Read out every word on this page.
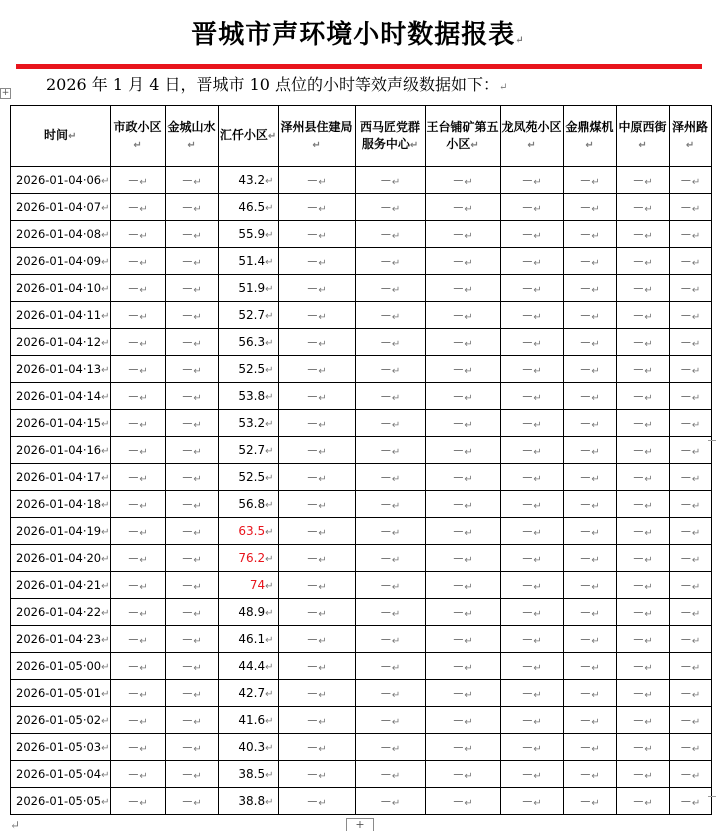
晋城市声环境小时数据报表↵
2026 年 1 月 4 日，晋城市 10 点位的小时等效声级数据如下：↵
+
时间↵	市政小区↵	金城山水↵	汇仟小区↵	泽州县住建局↵	西马匠党群服务中心↵	王台铺矿第五小区↵	龙凤苑小区↵	金鼎煤机↵	中原西街↵	泽州路↵
2026-01-04·06↵	－↵	－↵	43.2↵	－↵	－↵	－↵	－↵	－↵	－↵	－↵
2026-01-04·07↵	－↵	－↵	46.5↵	－↵	－↵	－↵	－↵	－↵	－↵	－↵
2026-01-04·08↵	－↵	－↵	55.9↵	－↵	－↵	－↵	－↵	－↵	－↵	－↵
2026-01-04·09↵	－↵	－↵	51.4↵	－↵	－↵	－↵	－↵	－↵	－↵	－↵
2026-01-04·10↵	－↵	－↵	51.9↵	－↵	－↵	－↵	－↵	－↵	－↵	－↵
2026-01-04·11↵	－↵	－↵	52.7↵	－↵	－↵	－↵	－↵	－↵	－↵	－↵
2026-01-04·12↵	－↵	－↵	56.3↵	－↵	－↵	－↵	－↵	－↵	－↵	－↵
2026-01-04·13↵	－↵	－↵	52.5↵	－↵	－↵	－↵	－↵	－↵	－↵	－↵
2026-01-04·14↵	－↵	－↵	53.8↵	－↵	－↵	－↵	－↵	－↵	－↵	－↵
2026-01-04·15↵	－↵	－↵	53.2↵	－↵	－↵	－↵	－↵	－↵	－↵	－↵
2026-01-04·16↵	－↵	－↵	52.7↵	－↵	－↵	－↵	－↵	－↵	－↵	－↵
2026-01-04·17↵	－↵	－↵	52.5↵	－↵	－↵	－↵	－↵	－↵	－↵	－↵
2026-01-04·18↵	－↵	－↵	56.8↵	－↵	－↵	－↵	－↵	－↵	－↵	－↵
2026-01-04·19↵	－↵	－↵	63.5↵	－↵	－↵	－↵	－↵	－↵	－↵	－↵
2026-01-04·20↵	－↵	－↵	76.2↵	－↵	－↵	－↵	－↵	－↵	－↵	－↵
2026-01-04·21↵	－↵	－↵	74↵	－↵	－↵	－↵	－↵	－↵	－↵	－↵
2026-01-04·22↵	－↵	－↵	48.9↵	－↵	－↵	－↵	－↵	－↵	－↵	－↵
2026-01-04·23↵	－↵	－↵	46.1↵	－↵	－↵	－↵	－↵	－↵	－↵	－↵
2026-01-05·00↵	－↵	－↵	44.4↵	－↵	－↵	－↵	－↵	－↵	－↵	－↵
2026-01-05·01↵	－↵	－↵	42.7↵	－↵	－↵	－↵	－↵	－↵	－↵	－↵
2026-01-05·02↵	－↵	－↵	41.6↵	－↵	－↵	－↵	－↵	－↵	－↵	－↵
2026-01-05·03↵	－↵	－↵	40.3↵	－↵	－↵	－↵	－↵	－↵	－↵	－↵
2026-01-05·04↵	－↵	－↵	38.5↵	－↵	－↵	－↵	－↵	－↵	－↵	－↵
2026-01-05·05↵	－↵	－↵	38.8↵	－↵	－↵	－↵	－↵	－↵	－↵	－↵
↵	+
